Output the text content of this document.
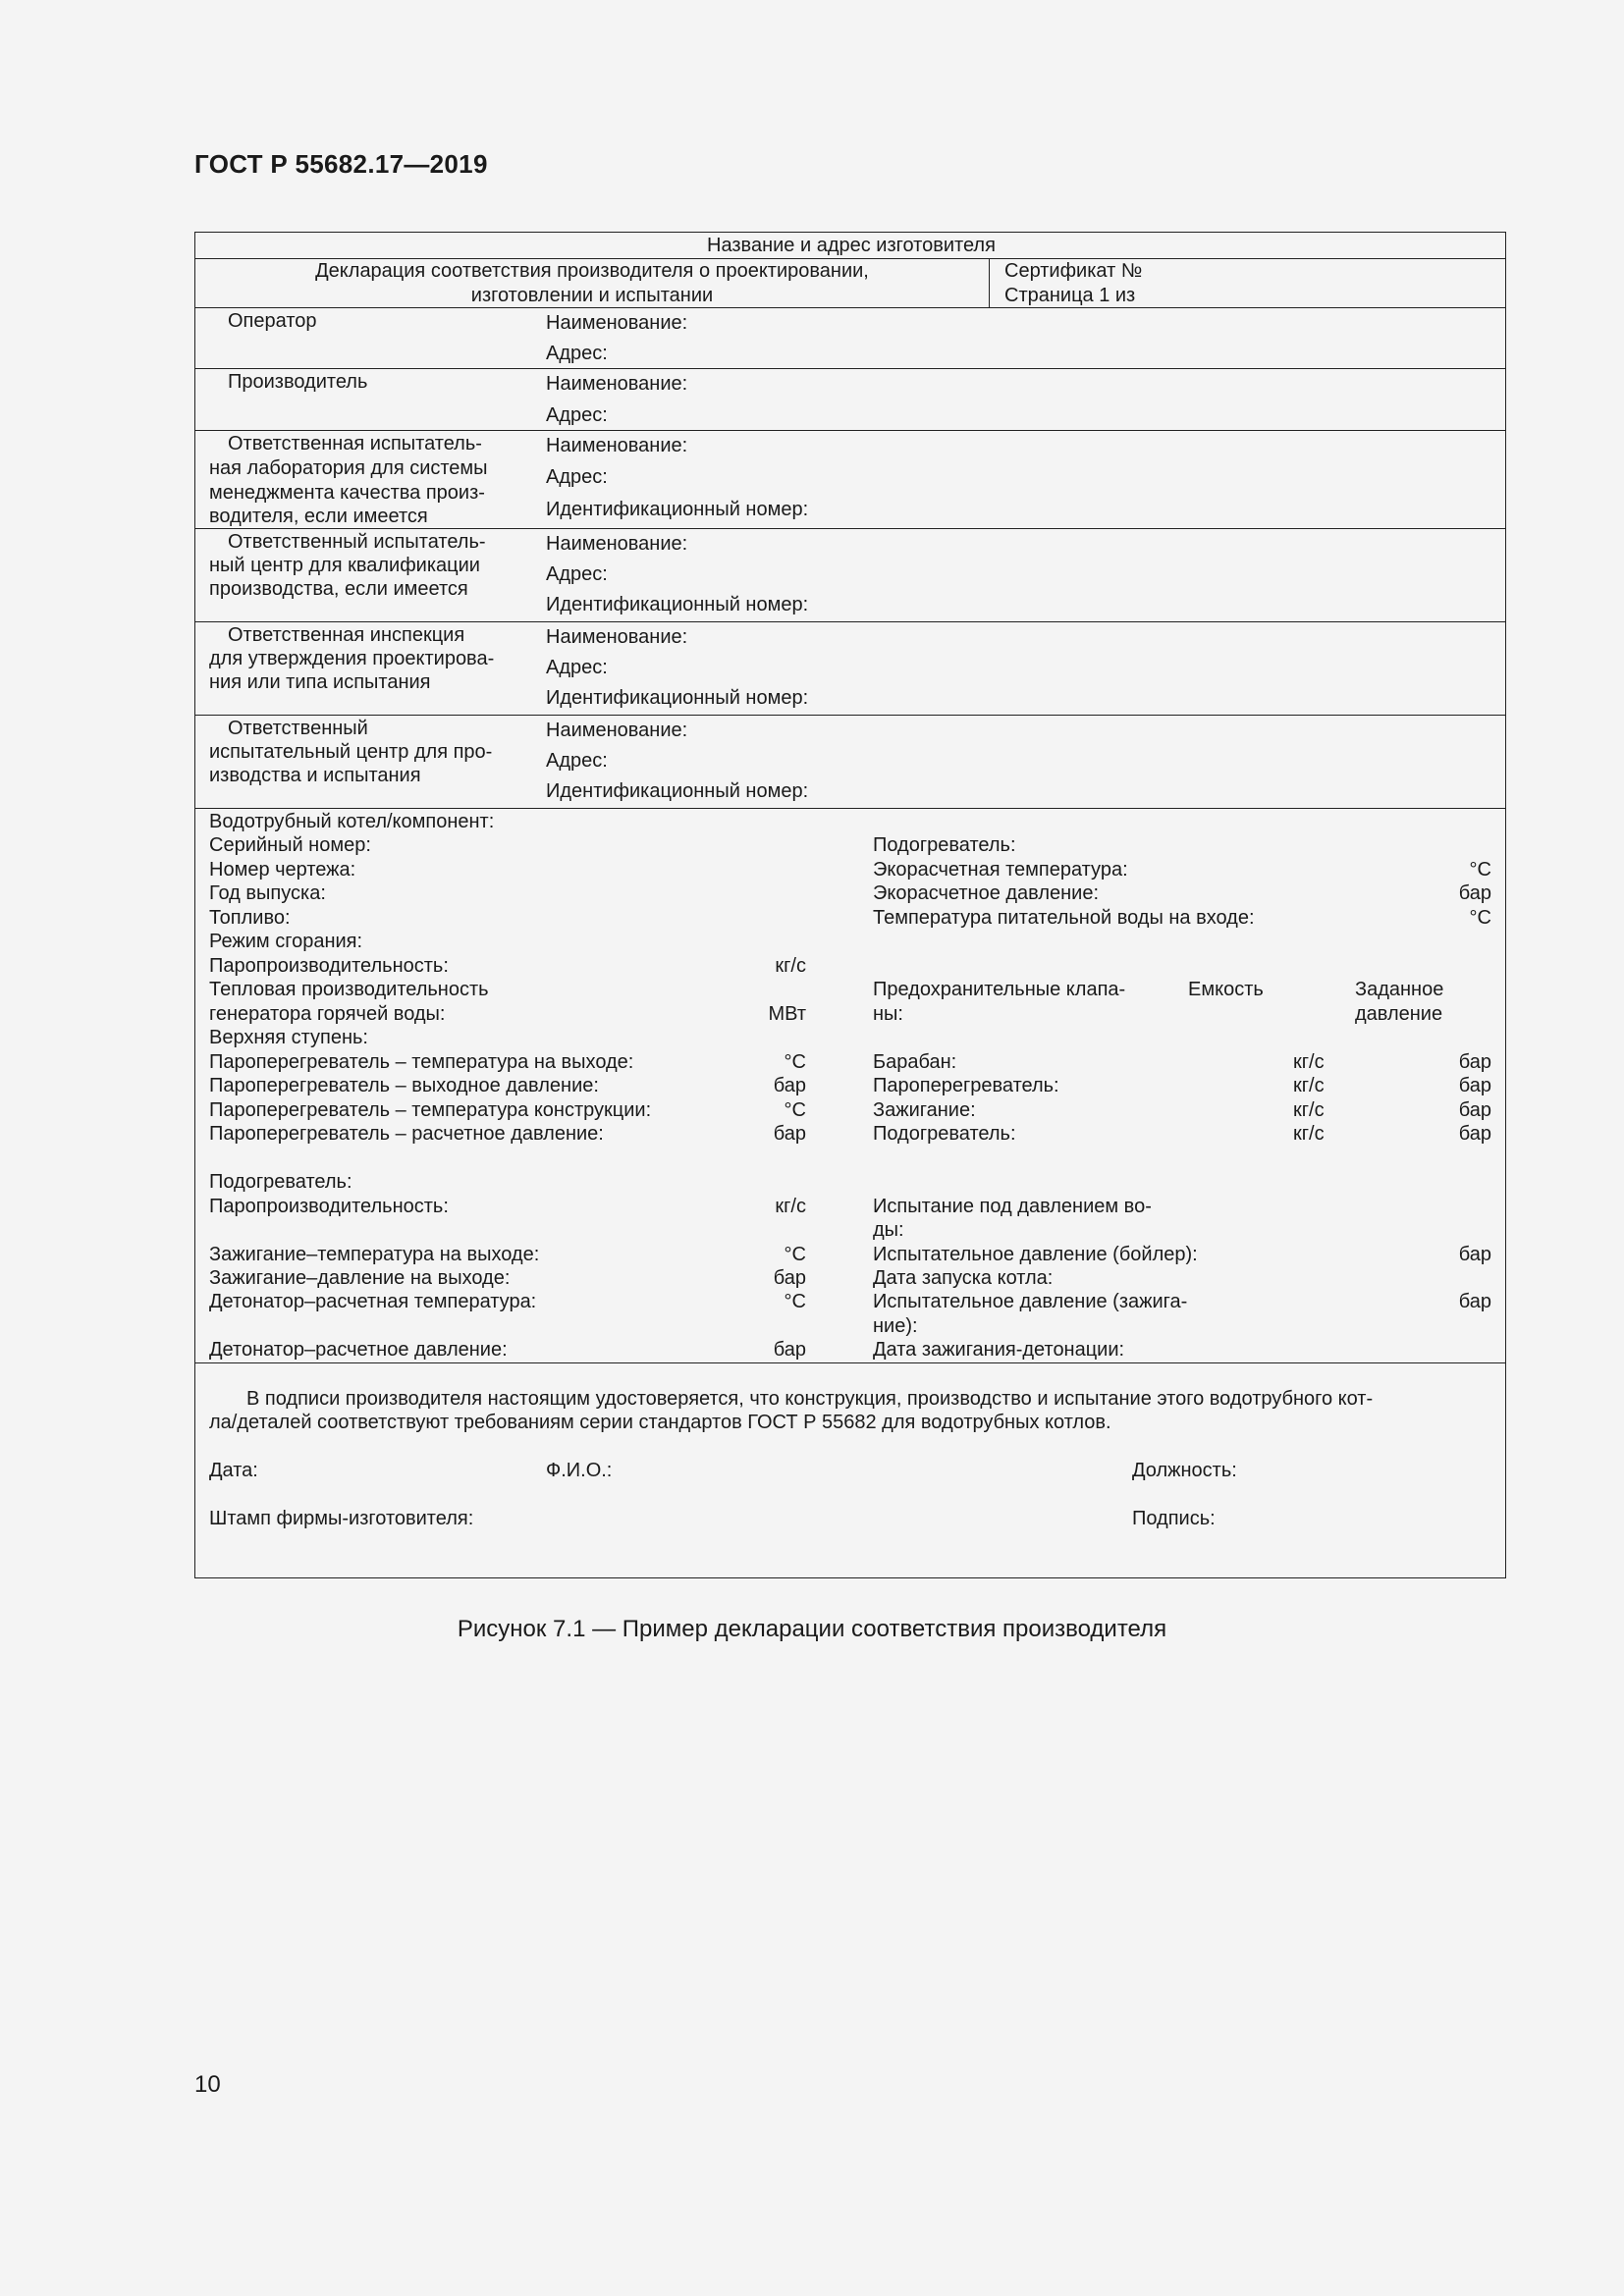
ГОСТ Р 55682.17—2019
Название и адрес изготовителя
Декларация соответствия производителя о проектировании,
изготовлении и испытании
Сертификат №
Страница 1 из
Оператор	Наименование:
Адрес:
Производитель	Наименование:
Адрес:
Ответственная испытатель-
ная лаборатория для системы
менеджмента качества произ-
водителя, если имеется
Наименование:
Адрес:
Идентификационный номер:
Ответственный испытатель-
ный центр для квалификации
производства, если имеется
Наименование:
Адрес:
Идентификационный номер:
Ответственная инспекция
для утверждения проектирова-
ния или типа испытания
Наименование:
Адрес:
Идентификационный номер:
Ответственный
испытательный центр для про-
изводства и испытания
Наименование:
Адрес:
Идентификационный номер:
Водотрубный котел/компонент:
Серийный номер:
Номер чертежа:
Год выпуска:
Топливо:
Режим сгорания:
Паропроизводительность:	кг/с
Тепловая производительность
генератора горячей воды:	МВт
Верхняя ступень:
Пароперегреватель – температура на выходе:	°C
Пароперегреватель – выходное давление:	бар
Пароперегреватель – температура конструкции:	°C
Пароперегреватель – расчетное давление:	бар
Подогреватель:
Паропроизводительность:	кг/с
Зажигание–температура на выходе:	°C
Зажигание–давление на выходе:	бар
Детонатор–расчетная температура:	°C
Детонатор–расчетное давление:	бар
Подогреватель:
Экорасчетная температура:	°C
Экорасчетное давление:	бар
Температура питательной воды на входе:	°C
Предохранительные клапа-
ны:
Емкость	Заданное
давление
Барабан:	кг/с	бар
Пароперегреватель:	кг/с	бар
Зажигание:	кг/с	бар
Подогреватель:	кг/с	бар
Испытание под давлением во-
ды:
Испытательное давление (бойлер):	бар
Дата запуска котла:
Испытательное давление (зажига-	бар
ние):
Дата зажигания-детонации:
В подписи производителя настоящим удостоверяется, что конструкция, производство и испытание этого водотрубного кот-
ла/деталей соответствуют требованиям серии стандартов ГОСТ Р 55682 для водотрубных котлов.
Дата:	Ф.И.О.:	Должность:
Штамп фирмы-изготовителя:	Подпись:
Рисунок 7.1 — Пример декларации соответствия производителя
10
